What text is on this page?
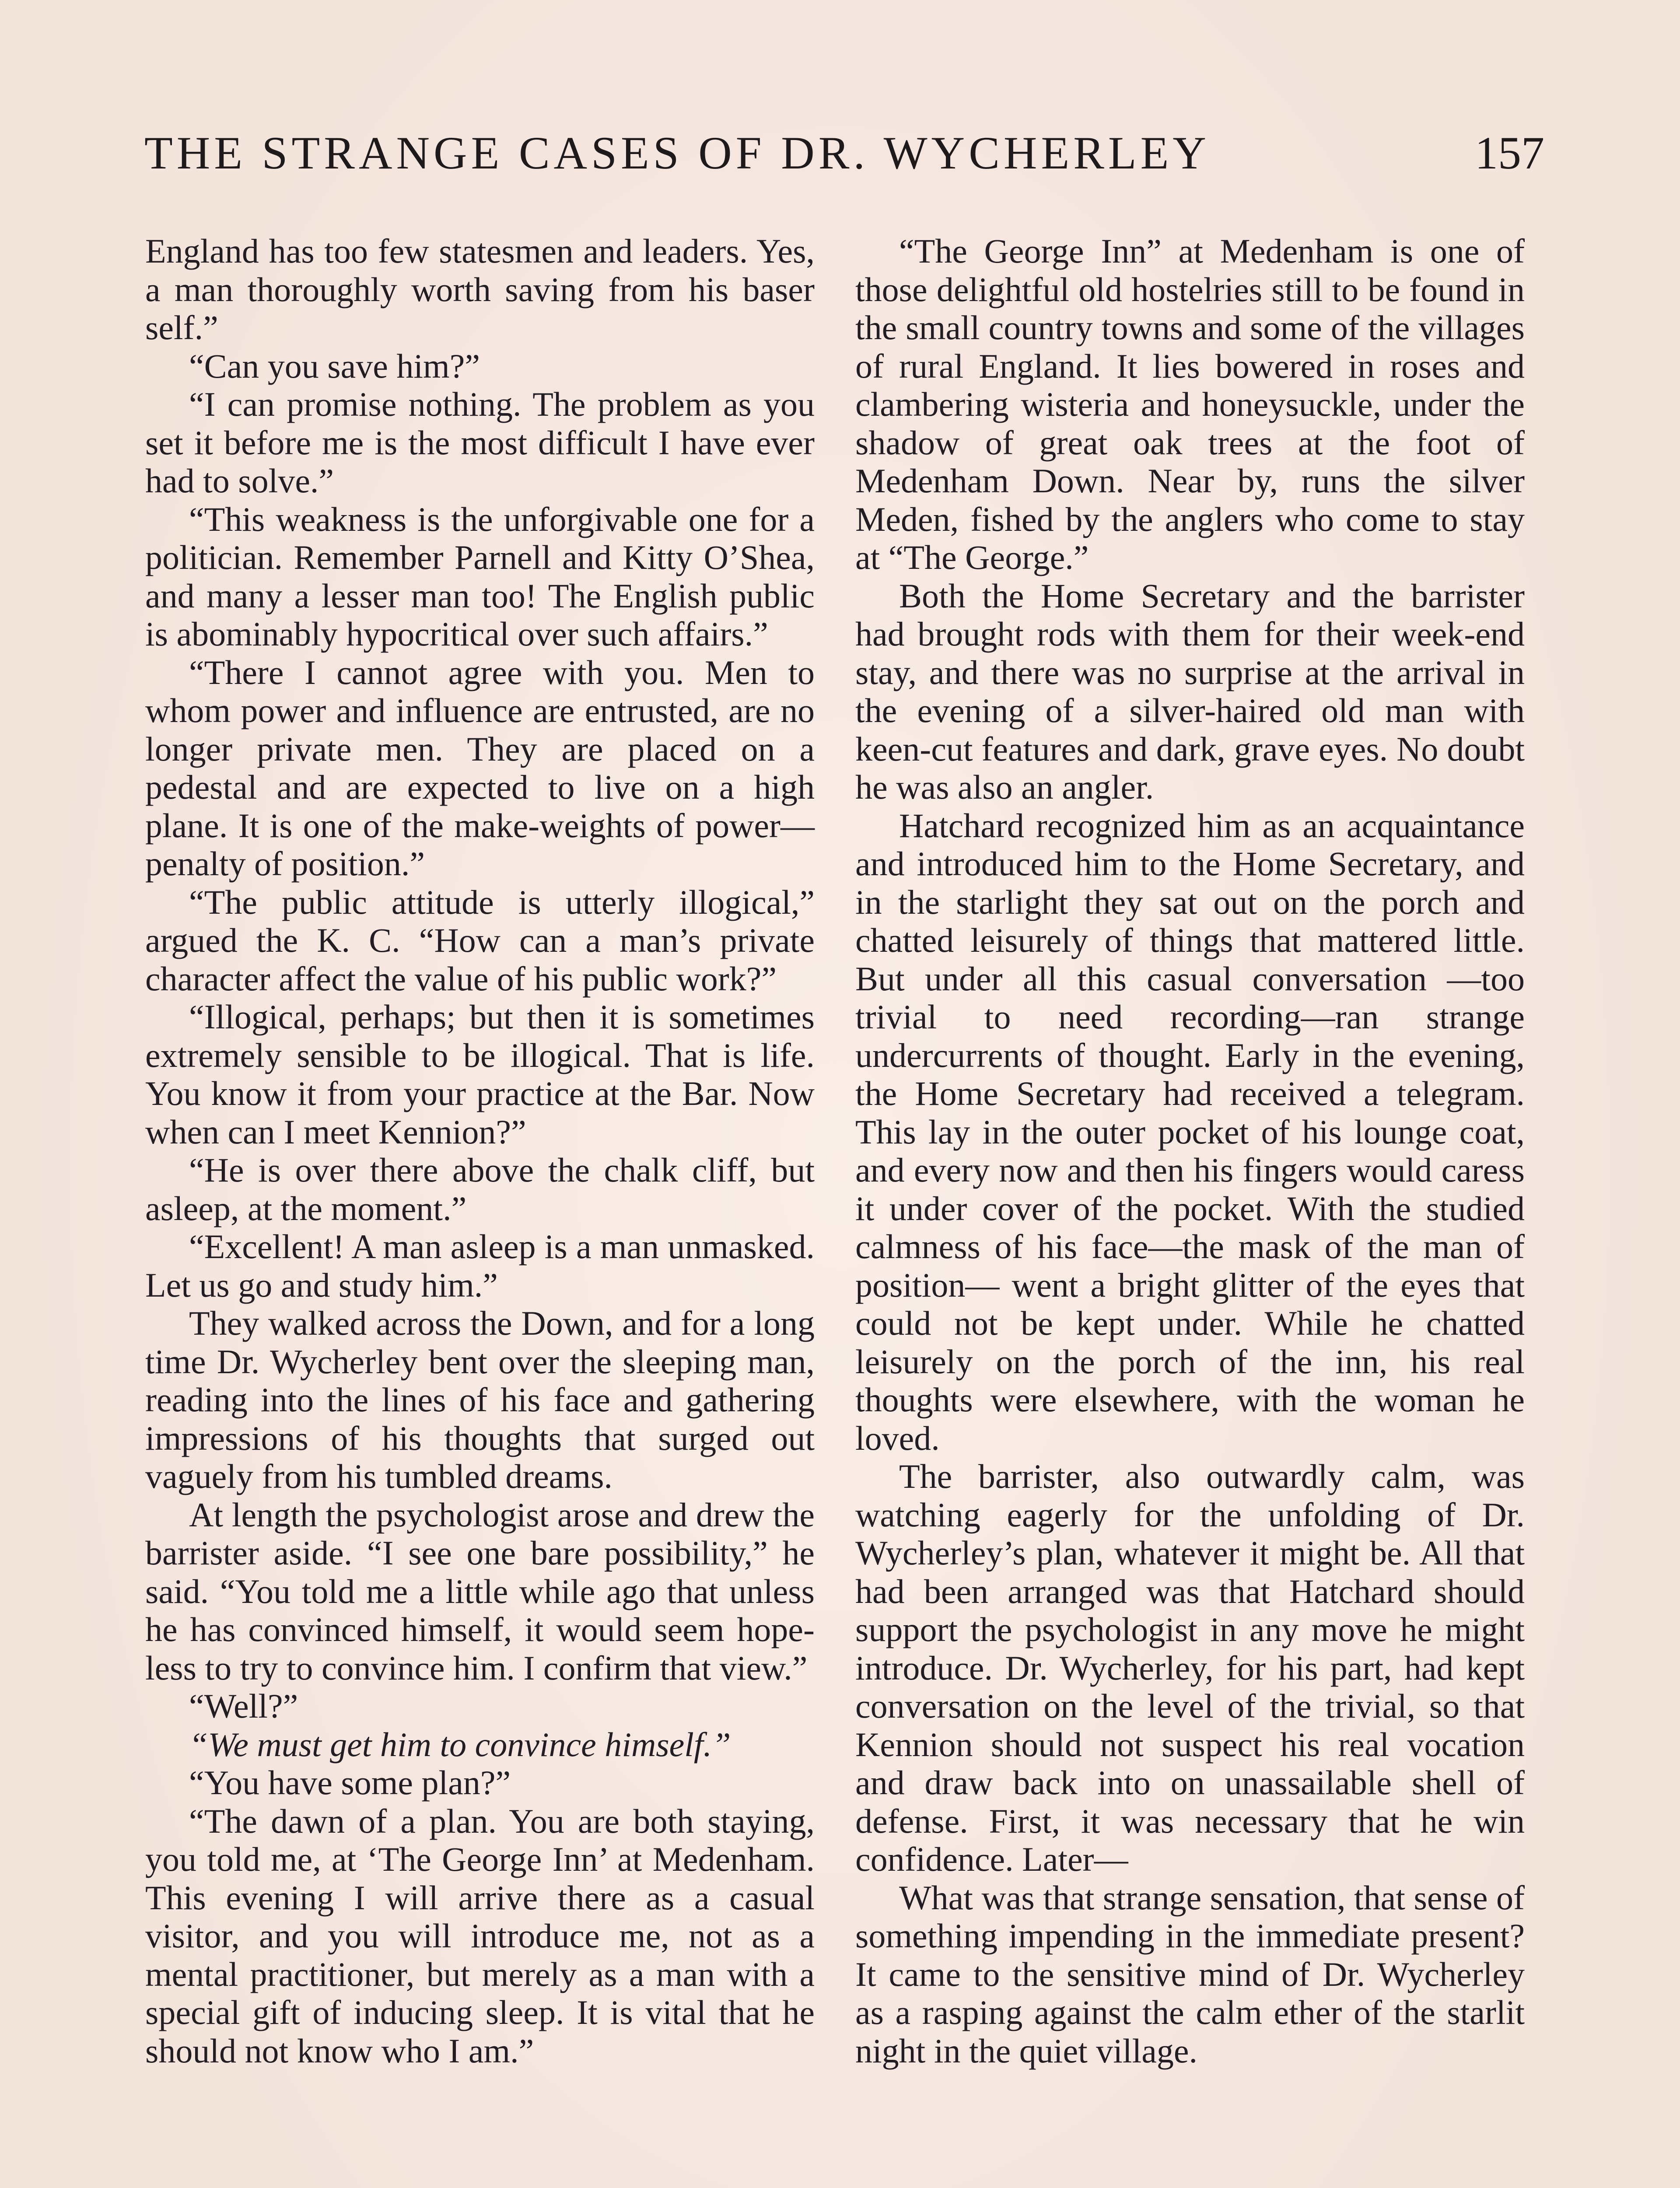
THE STRANGE CASES OF DR. WYCHERLEY	157

England has too few statesmen and leaders. Yes, a man thoroughly worth saving from his baser self.”

“Can you save him?”

“I can promise nothing. The problem as you set it before me is the most difficult I have ever had to solve.”

“This weakness is the unforgivable one for a politician. Remember Parnell and Kitty O’Shea, and many a lesser man too! The English public is abominably hypocritical over such affairs.”

“There I cannot agree with you. Men to whom power and influence are entrusted, are no longer private men. They are placed on a pedestal and are expected to live on a high plane. It is one of the make-weights of power—penalty of position.”

“The public attitude is utterly illogical,” argued the K. C. “How can a man’s private character affect the value of his public work?”

“Illogical, perhaps; but then it is sometimes extremely sensible to be illogical. That is life. You know it from your practice at the Bar. Now when can I meet Kennion?”

“He is over there above the chalk cliff, but asleep, at the moment.”

“Excellent! A man asleep is a man unmasked. Let us go and study him.”

They walked across the Down, and for a long time Dr. Wycherley bent over the sleeping man, reading into the lines of his face and gathering impressions of his thoughts that surged out vaguely from his tumbled dreams.

At length the psychologist arose and drew the barrister aside. “I see one bare possibility,” he said. “You told me a little while ago that unless he has convinced himself, it would seem hopeless to try to convince him. I confirm that view.”

“Well?”

“We must get him to convince himself.”

“You have some plan?”

“The dawn of a plan. You are both staying, you told me, at ‘The George Inn’ at Medenham. This evening I will arrive there as a casual visitor, and you will introduce me, not as a mental practitioner, but merely as a man with a special gift of inducing sleep. It is vital that he should not know who I am.”

“The George Inn” at Medenham is one of those delightful old hostelries still to be found in the small country towns and some of the villages of rural England. It lies bowered in roses and clambering wisteria and honeysuckle, under the shadow of great oak trees at the foot of Medenham Down. Near by, runs the silver Meden, fished by the anglers who come to stay at “The George.”

Both the Home Secretary and the barrister had brought rods with them for their week-end stay, and there was no surprise at the arrival in the evening of a silver-haired old man with keen-cut features and dark, grave eyes. No doubt he was also an angler.

Hatchard recognized him as an acquaintance and introduced him to the Home Secretary, and in the starlight they sat out on the porch and chatted leisurely of things that mattered little. But under all this casual conversation —too trivial to need recording—ran strange undercurrents of thought. Early in the evening, the Home Secretary had received a telegram. This lay in the outer pocket of his lounge coat, and every now and then his fingers would caress it under cover of the pocket. With the studied calmness of his face—the mask of the man of position— went a bright glitter of the eyes that could not be kept under. While he chatted leisurely on the porch of the inn, his real thoughts were elsewhere, with the woman he loved.

The barrister, also outwardly calm, was watching eagerly for the unfolding of Dr. Wycherley’s plan, whatever it might be. All that had been arranged was that Hatchard should support the psychologist in any move he might introduce. Dr. Wycherley, for his part, had kept conversation on the level of the trivial, so that Kennion should not suspect his real vocation and draw back into on unassailable shell of defense. First, it was necessary that he win confidence. Later—

What was that strange sensation, that sense of something impending in the immediate present? It came to the sensitive mind of Dr. Wycherley as a rasping against the calm ether of the starlit night in the quiet village.
